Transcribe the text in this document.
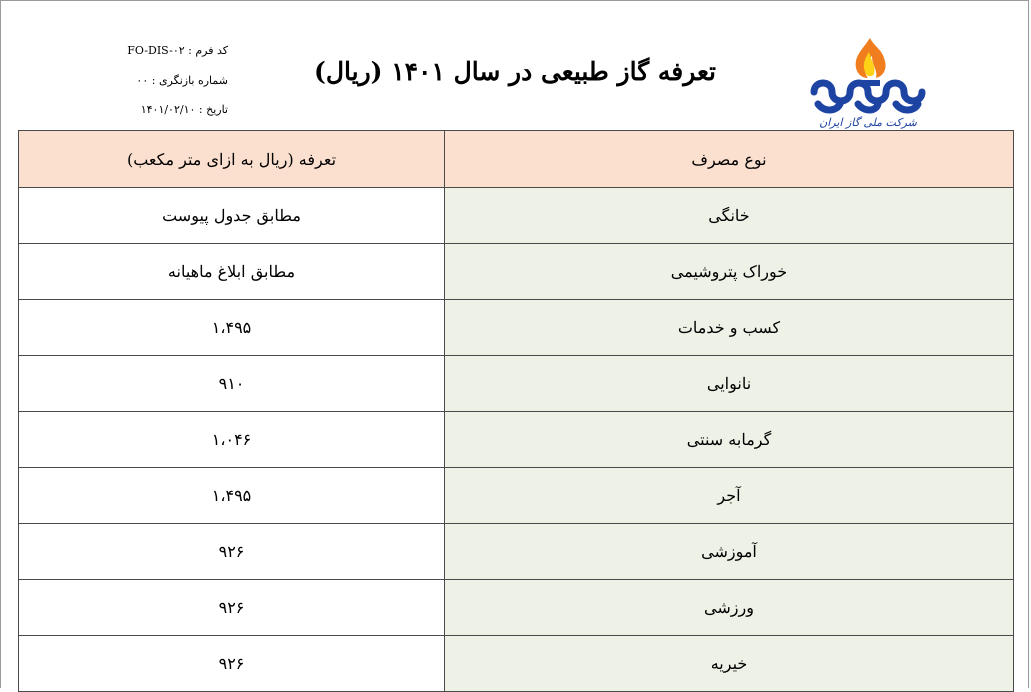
کد فرم : FO-DIS-۰۲
شماره بازنگری : ۰۰
تاریخ : ۱۴۰۱/۰۲/۱۰
تعرفه گاز طبیعی در سال ۱۴۰۱ (ریال)
شرکت ملی گاز ایران
نوع مصرف	تعرفه (ریال به ازای متر مکعب)
خانگی	مطابق جدول پیوست
خوراک پتروشیمی	مطابق ابلاغ ماهیانه
کسب و خدمات	۱،۴۹۵
نانوایی	۹۱۰
گرمابه سنتی	۱،۰۴۶
آجر	۱،۴۹۵
آموزشی	۹۲۶
ورزشی	۹۲۶
خیریه	۹۲۶
